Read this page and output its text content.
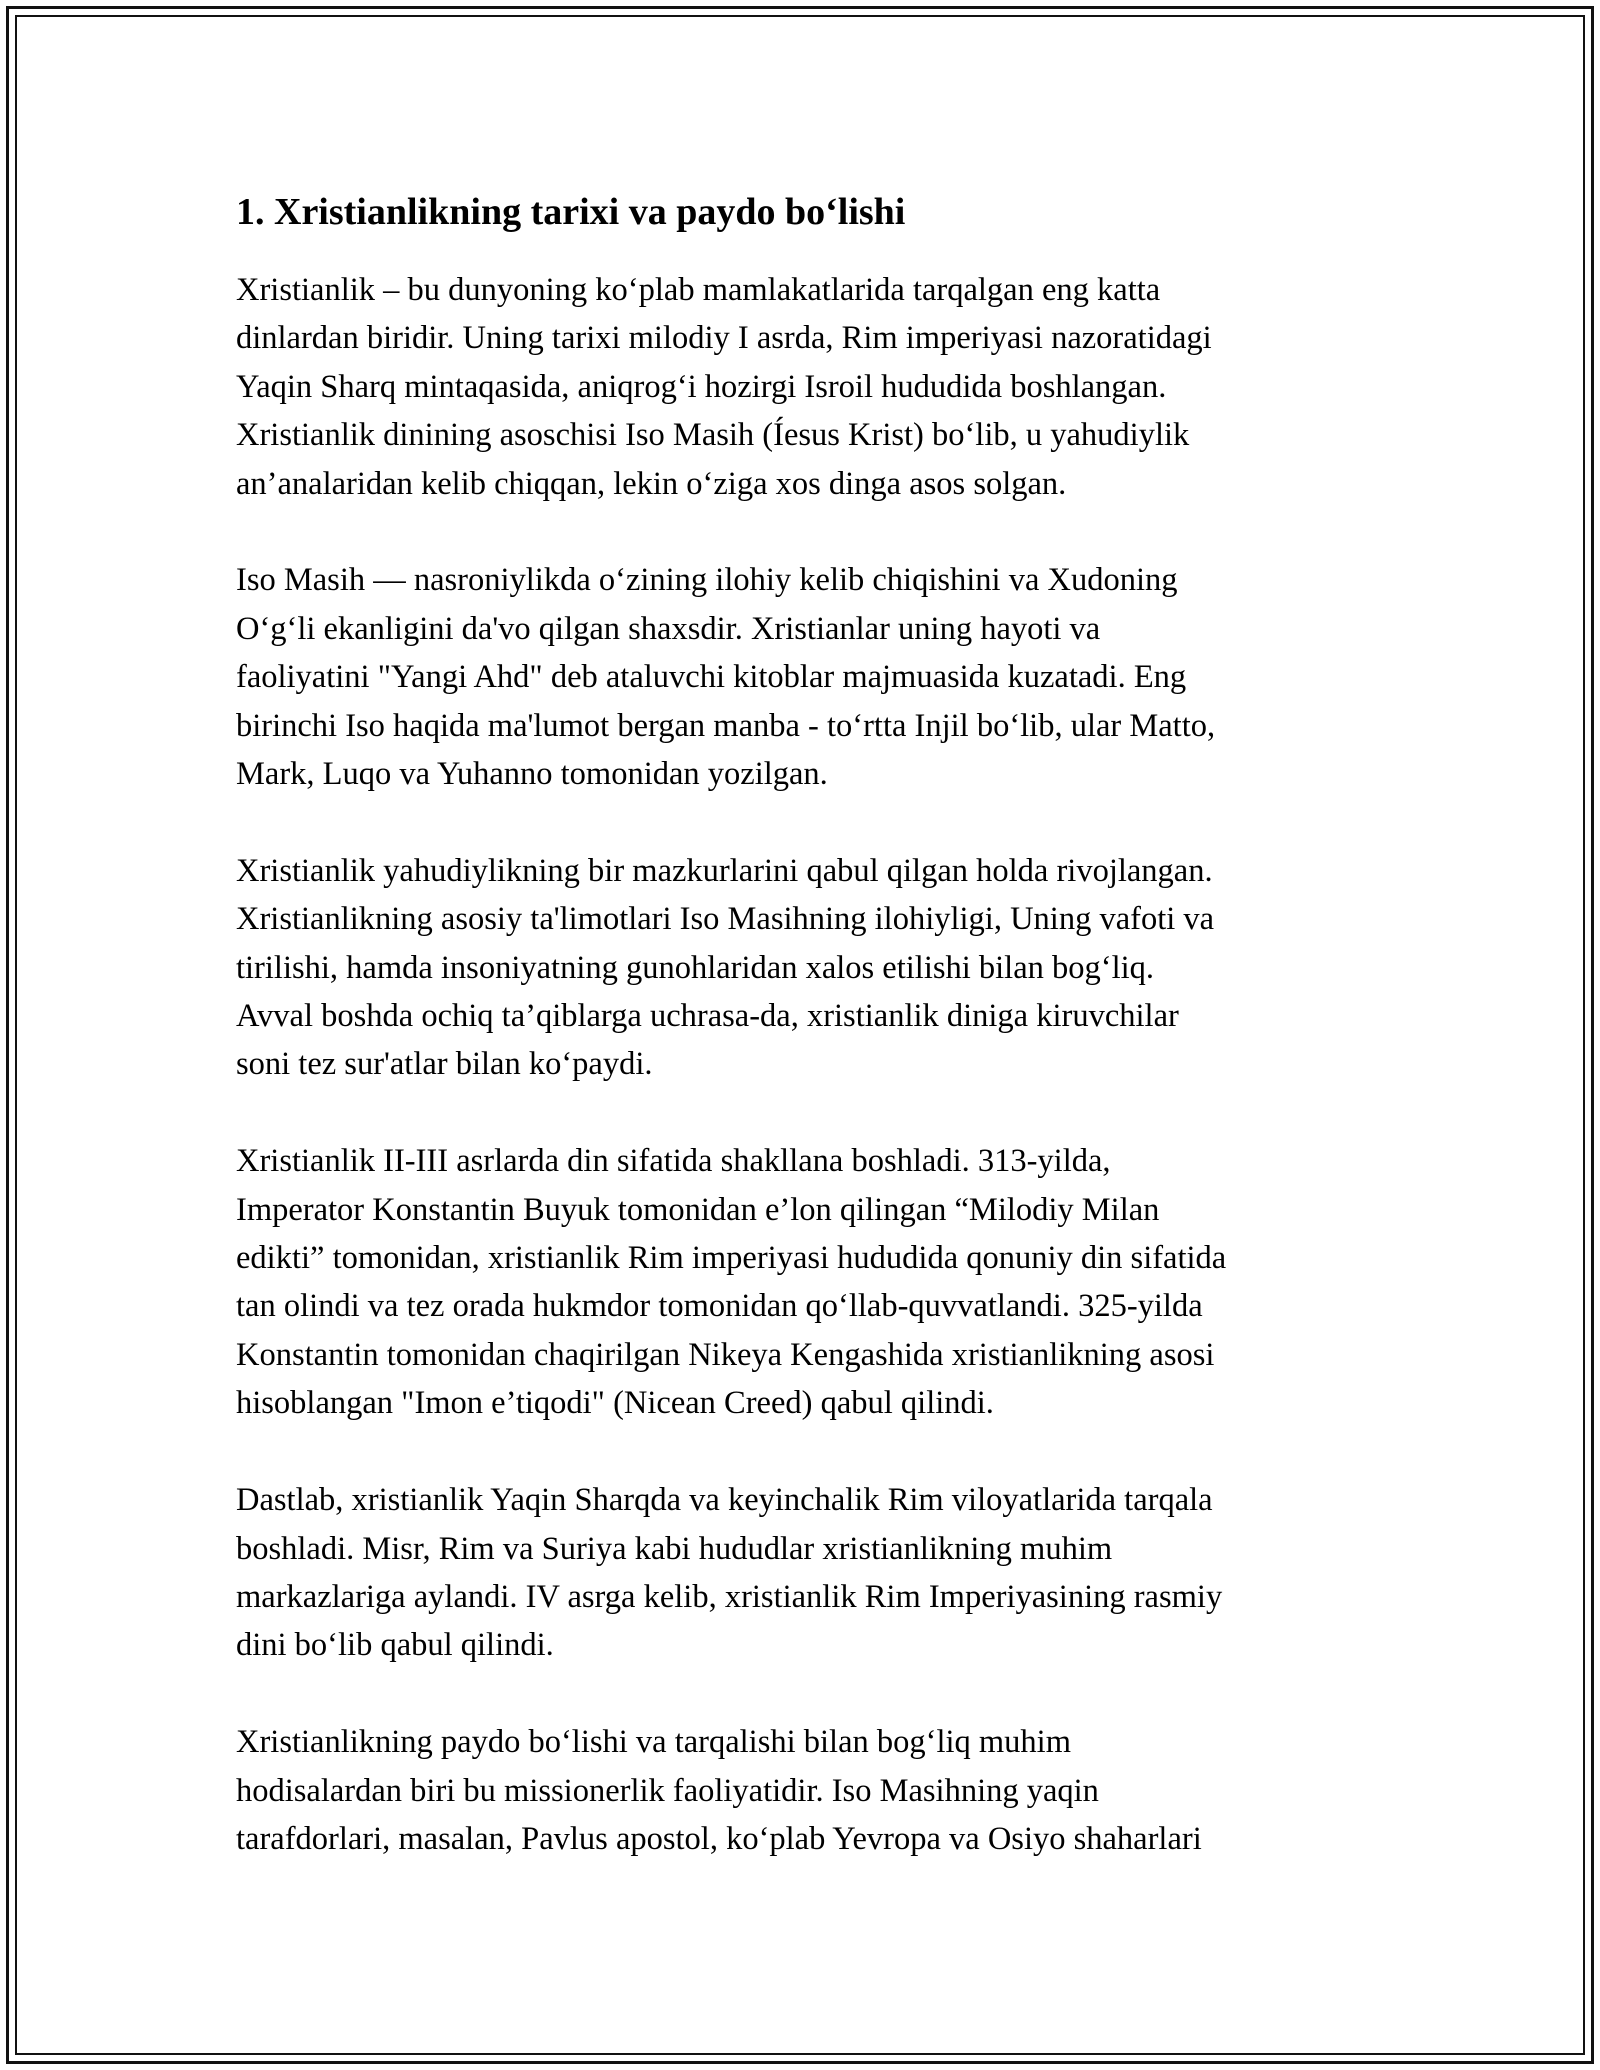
1. Xristianlikning tarixi va paydo bo‘lishi

Xristianlik – bu dunyoning ko‘plab mamlakatlarida tarqalgan eng katta
dinlardan biridir. Uning tarixi milodiy I asrda, Rim imperiyasi nazoratidagi
Yaqin Sharq mintaqasida, aniqrog‘i hozirgi Isroil hududida boshlangan.
Xristianlik dinining asoschisi Iso Masih (Íesus Krist) bo‘lib, u yahudiylik
an’analaridan kelib chiqqan, lekin o‘ziga xos dinga asos solgan.

Iso Masih — nasroniylikda o‘zining ilohiy kelib chiqishini va Xudoning
O‘g‘li ekanligini da'vo qilgan shaxsdir. Xristianlar uning hayoti va
faoliyatini "Yangi Ahd" deb ataluvchi kitoblar majmuasida kuzatadi. Eng
birinchi Iso haqida ma'lumot bergan manba - to‘rtta Injil bo‘lib, ular Matto,
Mark, Luqo va Yuhanno tomonidan yozilgan.

Xristianlik yahudiylikning bir mazkurlarini qabul qilgan holda rivojlangan.
Xristianlikning asosiy ta'limotlari Iso Masihning ilohiyligi, Uning vafoti va
tirilishi, hamda insoniyatning gunohlaridan xalos etilishi bilan bog‘liq.
Avval boshda ochiq ta’qiblarga uchrasa-da, xristianlik diniga kiruvchilar
soni tez sur'atlar bilan ko‘paydi.

Xristianlik II-III asrlarda din sifatida shakllana boshladi. 313-yilda,
Imperator Konstantin Buyuk tomonidan e’lon qilingan “Milodiy Milan
edikti” tomonidan, xristianlik Rim imperiyasi hududida qonuniy din sifatida
tan olindi va tez orada hukmdor tomonidan qo‘llab-quvvatlandi. 325-yilda
Konstantin tomonidan chaqirilgan Nikeya Kengashida xristianlikning asosi
hisoblangan "Imon e’tiqodi" (Nicean Creed) qabul qilindi.

Dastlab, xristianlik Yaqin Sharqda va keyinchalik Rim viloyatlarida tarqala
boshladi. Misr, Rim va Suriya kabi hududlar xristianlikning muhim
markazlariga aylandi. IV asrga kelib, xristianlik Rim Imperiyasining rasmiy
dini bo‘lib qabul qilindi.

Xristianlikning paydo bo‘lishi va tarqalishi bilan bog‘liq muhim
hodisalardan biri bu missionerlik faoliyatidir. Iso Masihning yaqin
tarafdorlari, masalan, Pavlus apostol, ko‘plab Yevropa va Osiyo shaharlari
